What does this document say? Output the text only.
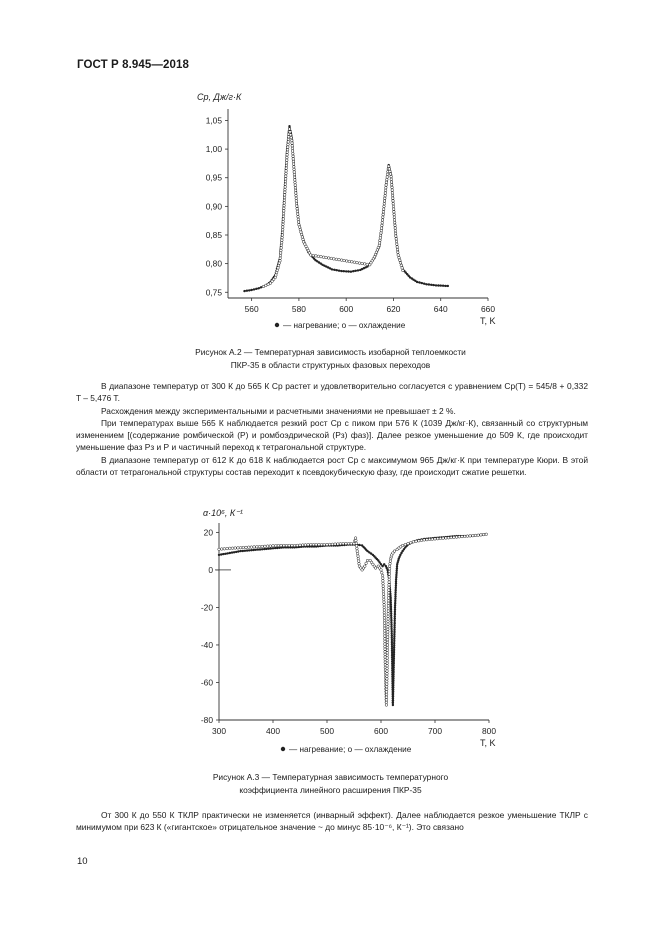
ГОСТ Р 8.945—2018
0,75
0,80
0,85
0,90
0,95
1,00
1,05
560	580	600	620	640	660
Cp, Дж/г·К
T, K
— нагревание; о — охлаждение
Рисунок А.2 — Температурная зависимость изобарной теплоемкости
ПКР-35 в области структурных фазовых переходов

В диапазоне температур от 300 К до 565 К Cp растет и удовлетворительно согласуется с уравнением Cp(T) = 545/8 + 0,332 T – 5,476 T.

Расхождения между экспериментальными и расчетными значениями не превышает ± 2 %.

При температурах выше 565 К наблюдается резкий рост Cp с пиком при 576 К (1039 Дж/кг·К), связанный со структурным изменением [(содержание ромбической (Р) и ромбоэдрической (Рз) фаз)]. Далее резкое уменьшение до 509 К, где происходит уменьшение фаз Рз и Р и частичный переход к тетрагональной структуре.

В диапазоне температур от 612 К до 618 К наблюдается рост Cp с максимумом 965 Дж/кг·К при температуре Кюри. В этой области от тетрагональной структуры состав переходит к псевдокубическую фазу, где происходит сжатие решетки.

20
0
-20
-40
-60
-80
300	400	500	600	700	800
α·10⁶, К⁻¹
T, K
— нагревание; о — охлаждение
Рисунок А.3 — Температурная зависимость температурного
коэффициента линейного расширения ПКР-35

От 300 К до 550 К ТКЛР практически не изменяется (инварный эффект). Далее наблюдается резкое уменьшение ТКЛР с минимумом при 623 К («гигантское» отрицательное значение ~ до минус 85·10⁻⁶, К⁻¹). Это связано

10
